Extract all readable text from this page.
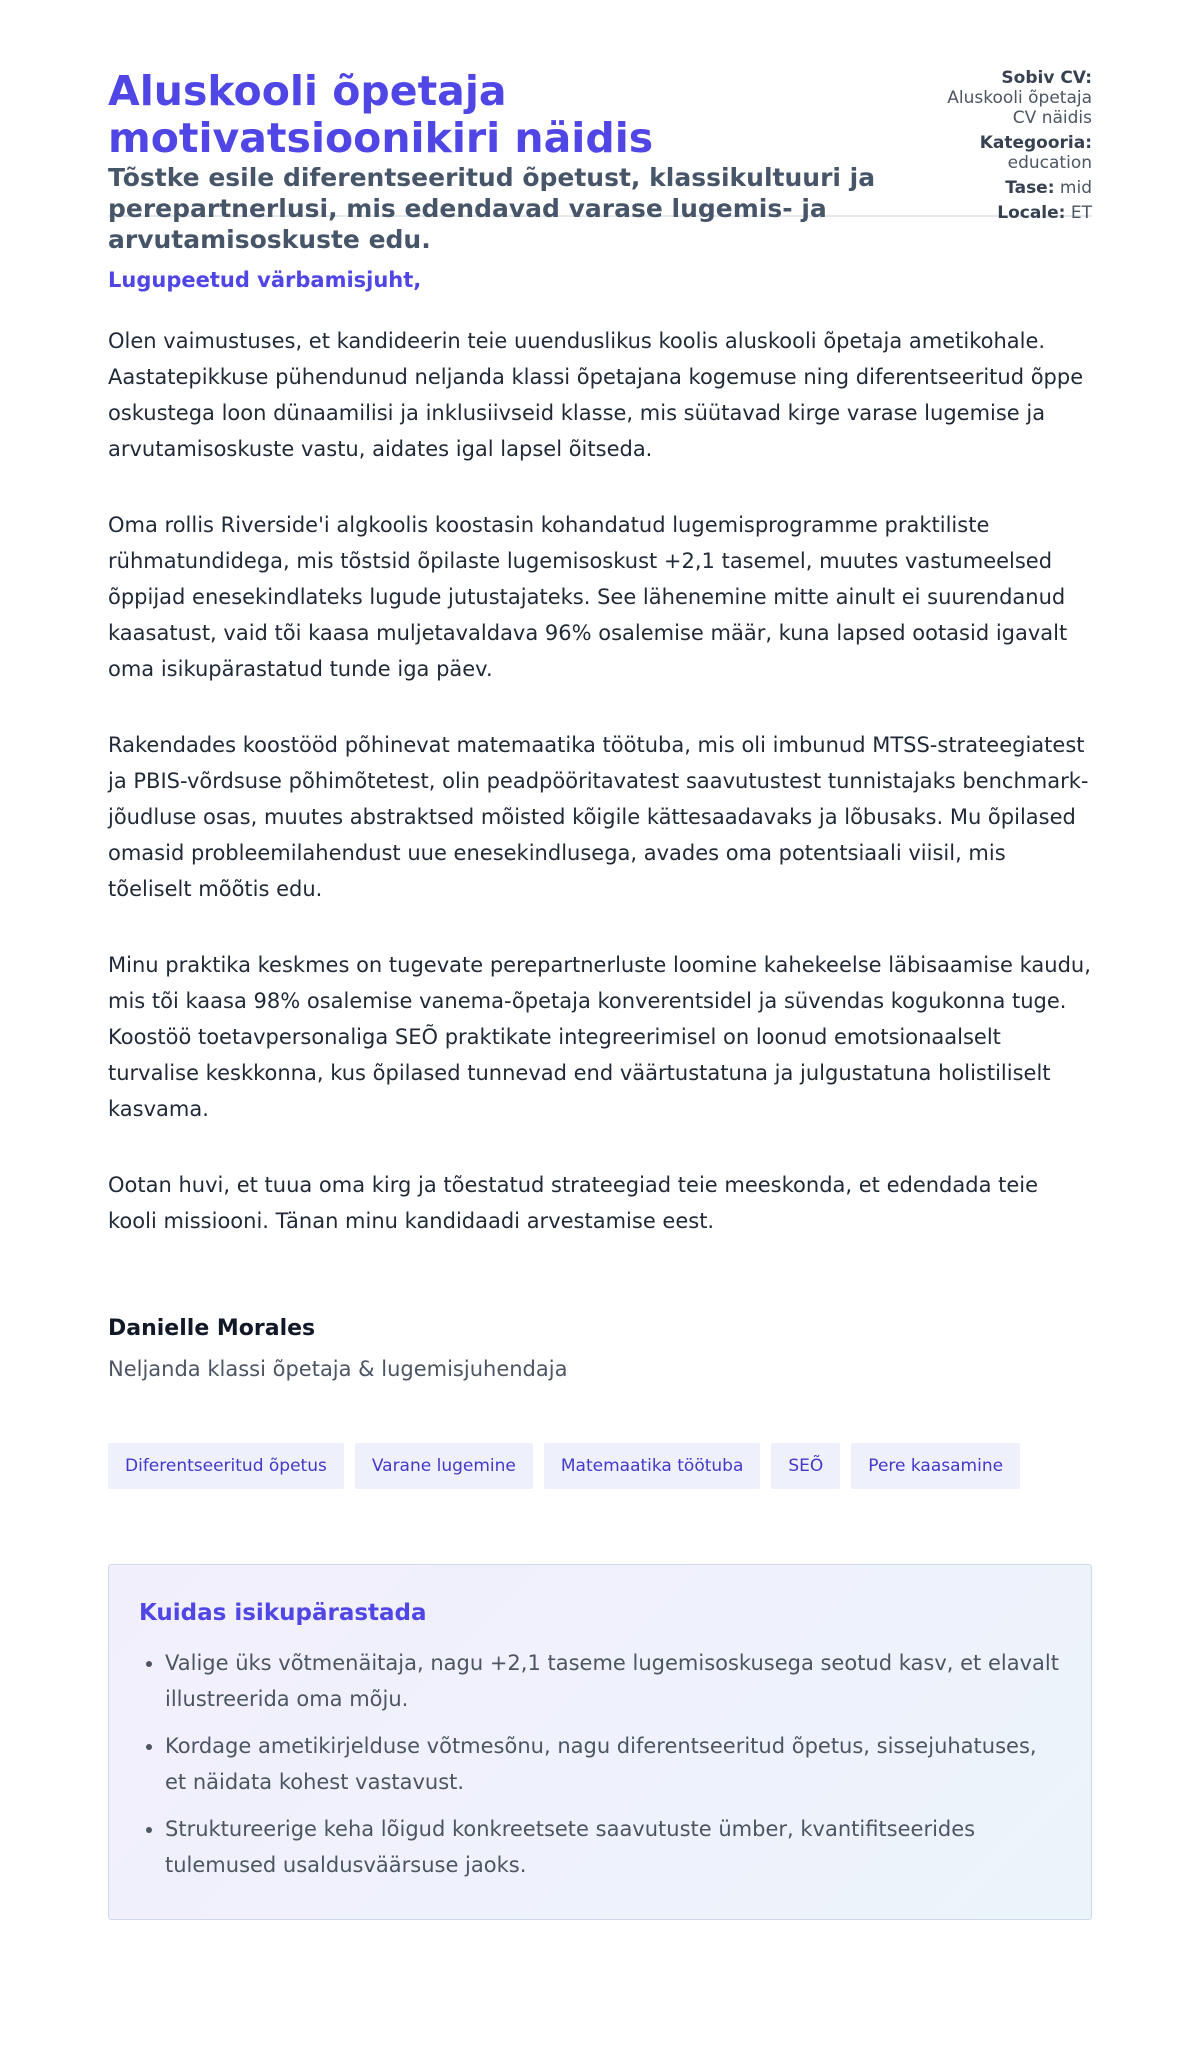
Aluskooli õpetaja motivatsioonikiri näidis
Tõstke esile diferentseeritud õpetust, klassikultuuri ja perepartnerlusi, mis edendavad varase lugemis- ja arvutamisoskuste edu.
Sobiv CV:
Aluskooli õpetaja CV näidis
Kategooria:
education
Tase: mid
Locale: ET
Lugupeetud värbamisjuht,

Olen vaimustuses, et kandideerin teie uuenduslikus koolis aluskooli õpetaja ametikohale. Aastatepikkuse pühendunud neljanda klassi õpetajana kogemuse ning diferentseeritud õppe oskustega loon dünaamilisi ja inklusiivseid klasse, mis süütavad kirge varase lugemise ja arvutamisoskuste vastu, aidates igal lapsel õitseda.

Oma rollis Riverside'i algkoolis koostasin kohandatud lugemisprogramme praktiliste rühmatundidega, mis tõstsid õpilaste lugemisoskust +2,1 tasemel, muutes vastumeelsed õppijad enesekindlateks lugude jutustajateks. See lähenemine mitte ainult ei suurendanud kaasatust, vaid tõi kaasa muljetavaldava 96% osalemise määr, kuna lapsed ootasid igavalt oma isikupärastatud tunde iga päev.

Rakendades koostööd põhinevat matemaatika töötuba, mis oli imbunud MTSS-strateegiatest ja PBIS-võrdsuse põhimõtetest, olin peadpööritavatest saavutustest tunnistajaks benchmark-jõudluse osas, muutes abstraktsed mõisted kõigile kättesaadavaks ja lõbusaks. Mu õpilased omasid probleemilahendust uue enesekindlusega, avades oma potentsiaali viisil, mis tõeliselt mõõtis edu.

Minu praktika keskmes on tugevate perepartnerluste loomine kahekeelse läbisaamise kaudu, mis tõi kaasa 98% osalemise vanema-õpetaja konverentsidel ja süvendas kogukonna tuge. Koostöö toetavpersonaliga SEÕ praktikate integreerimisel on loonud emotsionaalselt turvalise keskkonna, kus õpilased tunnevad end väärtustatuna ja julgustatuna holistiliselt kasvama.

Ootan huvi, et tuua oma kirg ja tõestatud strateegiad teie meeskonda, et edendada teie kooli missiooni. Tänan minu kandidaadi arvestamise eest.

Danielle Morales
Neljanda klassi õpetaja & lugemisjuhendaja
Diferentseeritud õpetus	Varane lugemine	Matemaatika töötuba	SEÕ	Pere kaasamine
Kuidas isikupärastada
• Valige üks võtmenäitaja, nagu +2,1 taseme lugemisoskusega seotud kasv, et elavalt illustreerida oma mõju.
• Kordage ametikirjelduse võtmesõnu, nagu diferentseeritud õpetus, sissejuhatuses, et näidata kohest vastavust.
• Struktureerige keha lõigud konkreetsete saavutuste ümber, kvantifitseerides tulemused usaldusväärsuse jaoks.
